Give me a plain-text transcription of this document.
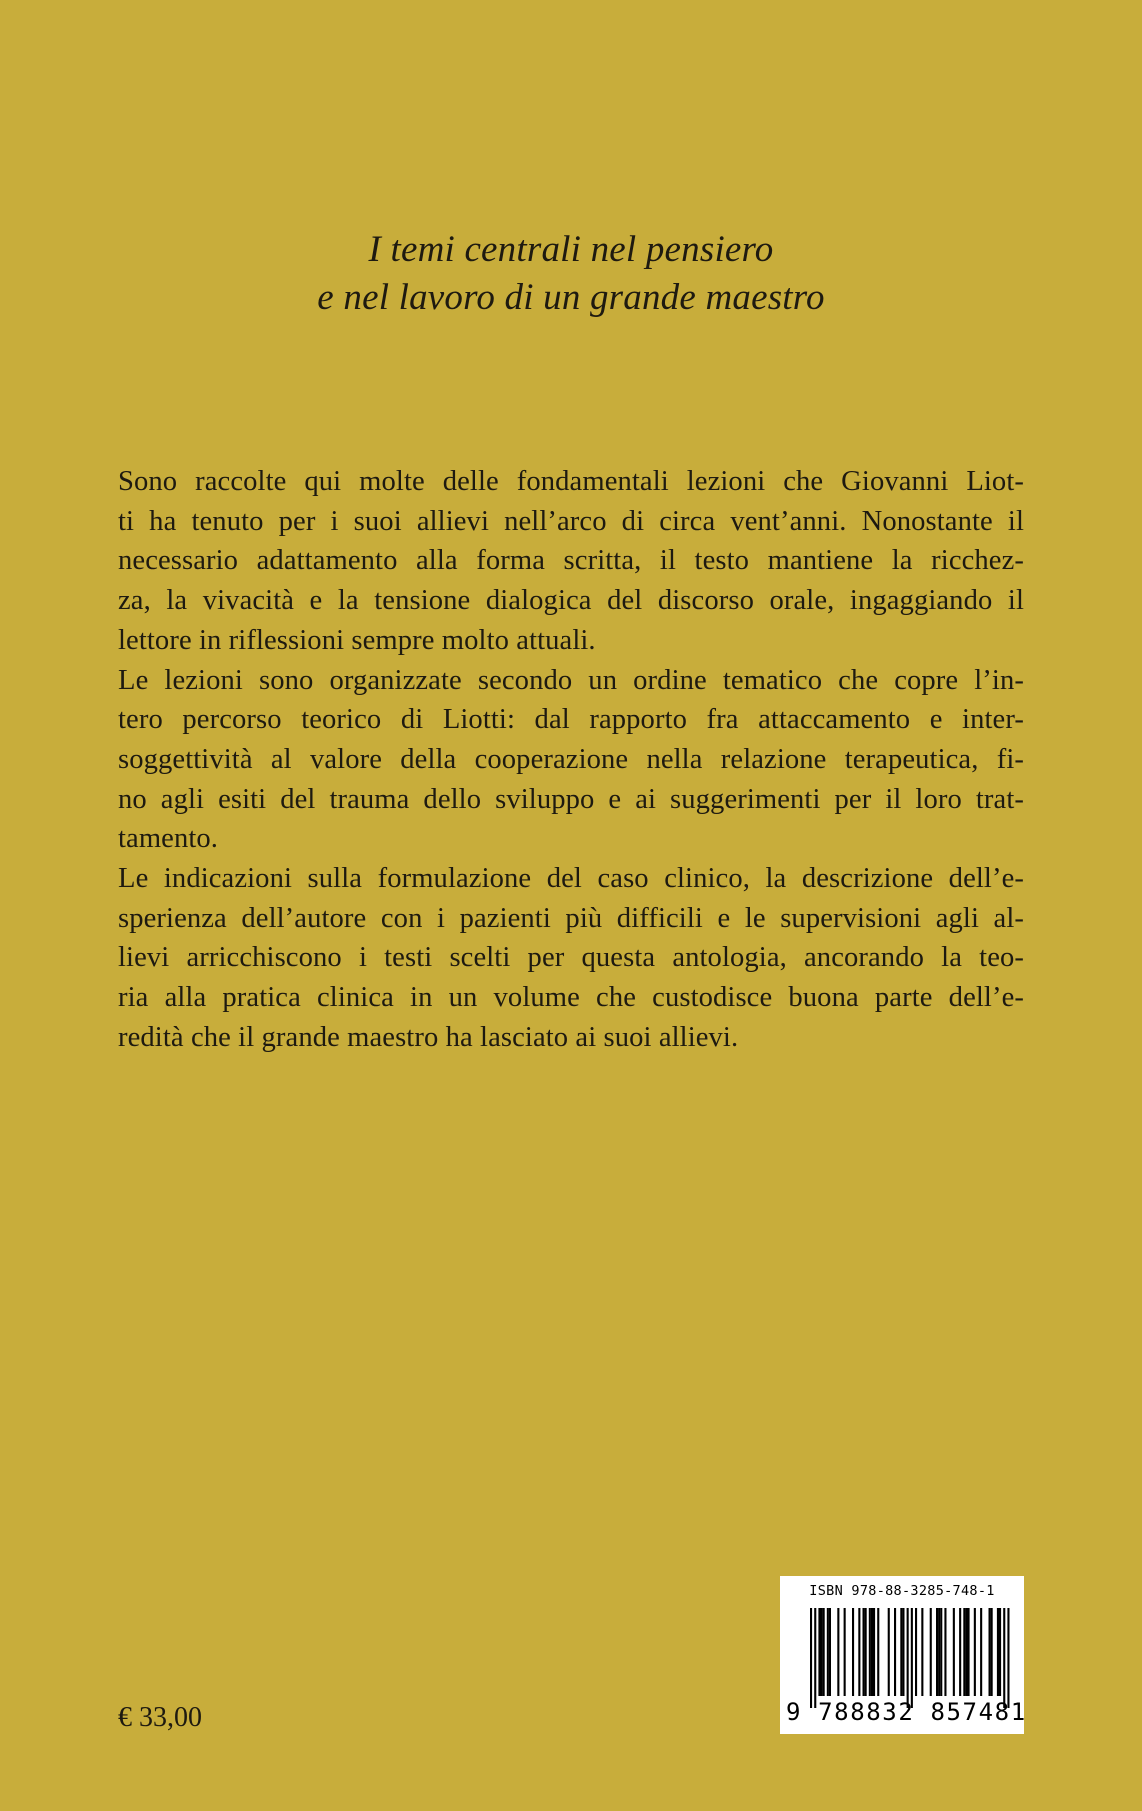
I temi centrali nel pensiero
e nel lavoro di un grande maestro
Sono raccolte qui molte delle fondamentali lezioni che Giovanni Liot-
ti ha tenuto per i suoi allievi nell’arco di circa vent’anni. Nonostante il
necessario adattamento alla forma scritta, il testo mantiene la ricchez-
za, la vivacità e la tensione dialogica del discorso orale, ingaggiando il
lettore in riflessioni sempre molto attuali.
Le lezioni sono organizzate secondo un ordine tematico che copre l’in-
tero percorso teorico di Liotti: dal rapporto fra attaccamento e inter-
soggettività al valore della cooperazione nella relazione terapeutica, fi-
no agli esiti del trauma dello sviluppo e ai suggerimenti per il loro trat-
tamento.
Le indicazioni sulla formulazione del caso clinico, la descrizione dell’e-
sperienza dell’autore con i pazienti più difficili e le supervisioni agli al-
lievi arricchiscono i testi scelti per questa antologia, ancorando la teo-
ria alla pratica clinica in un volume che custodisce buona parte dell’e-
redità che il grande maestro ha lasciato ai suoi allievi.
€ 33,00
ISBN 978-88-3285-748-1
9 788832 857481
